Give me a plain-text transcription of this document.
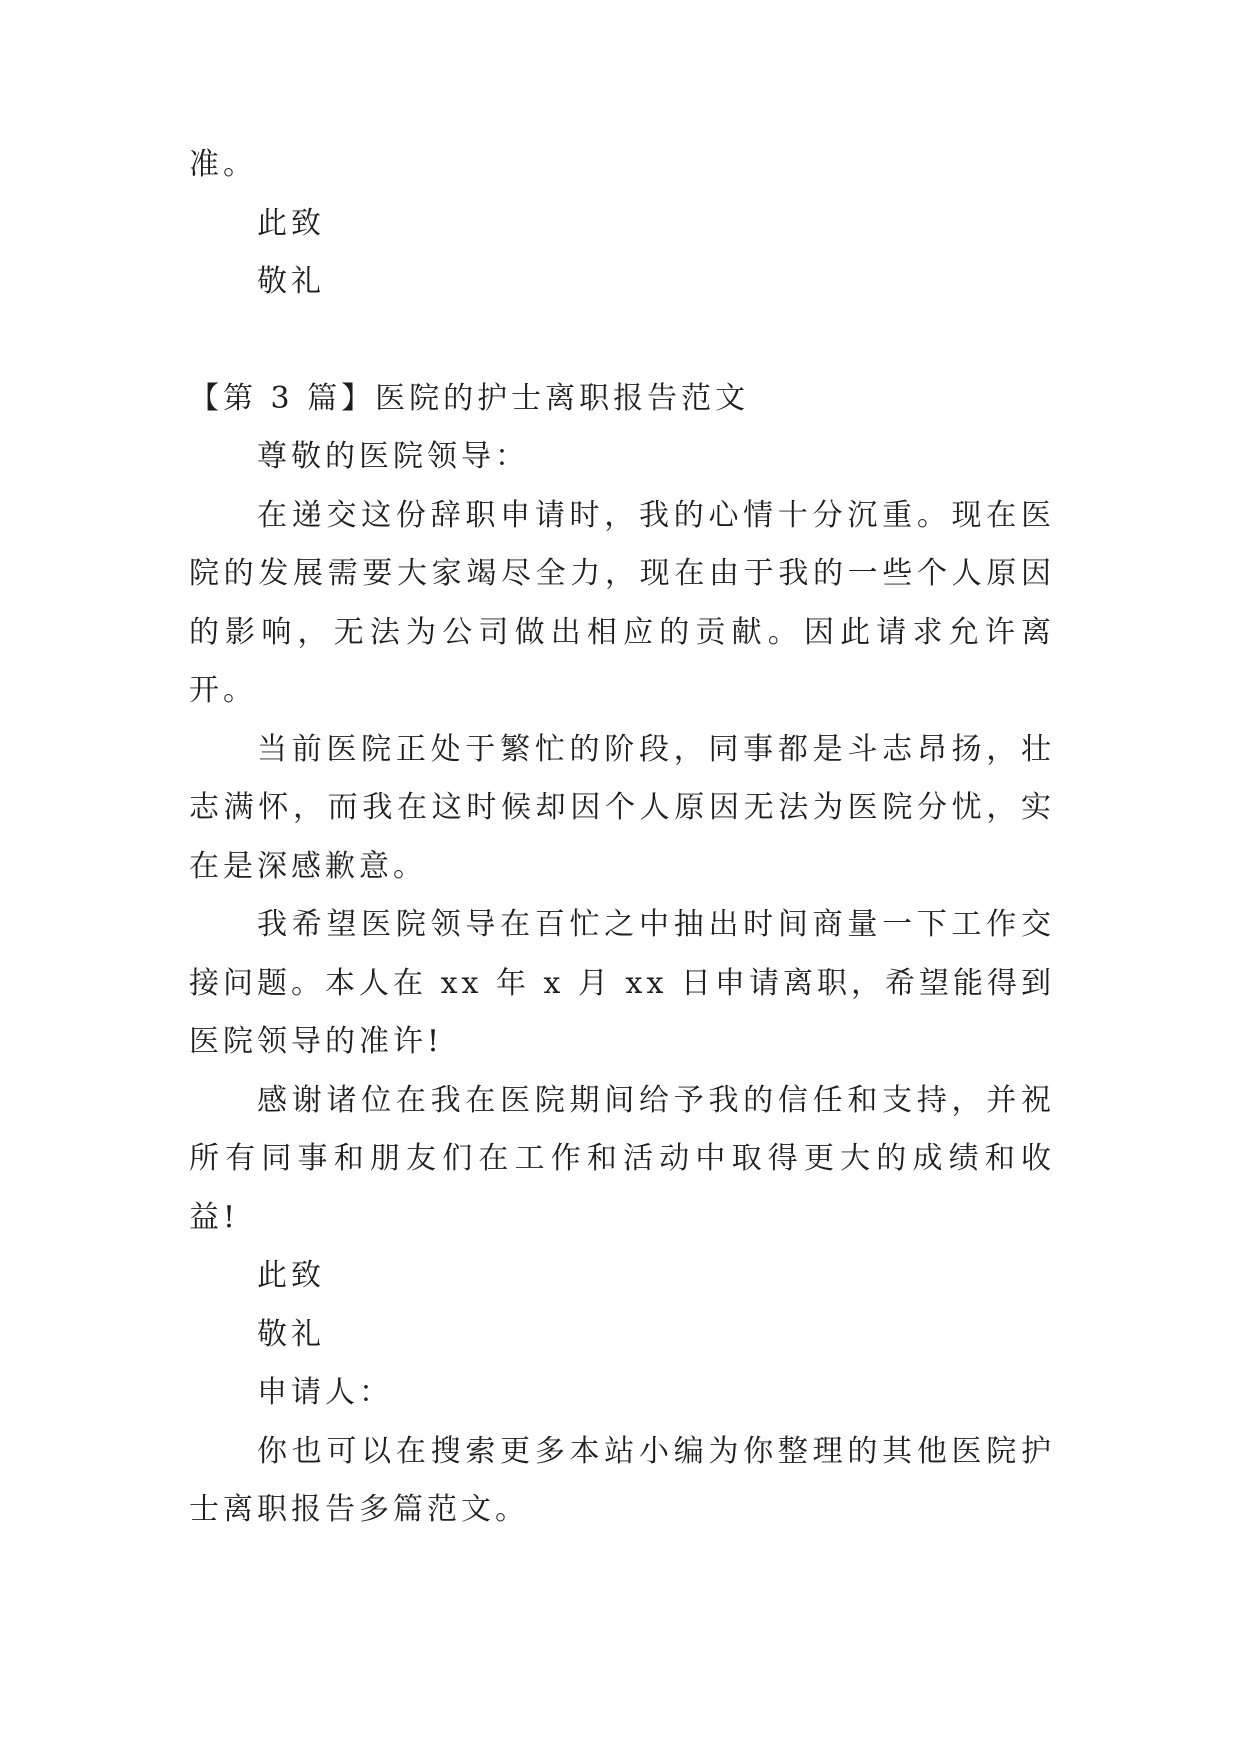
准。

此致

敬礼

【第 3 篇】医院的护士离职报告范文

尊敬的医院领导：

在递交这份辞职申请时，我的心情十分沉重。现在医院的发展需要大家竭尽全力，现在由于我的一些个人原因的影响，无法为公司做出相应的贡献。因此请求允许离开。

当前医院正处于繁忙的阶段，同事都是斗志昂扬，壮志满怀，而我在这时候却因个人原因无法为医院分忧，实在是深感歉意。

我希望医院领导在百忙之中抽出时间商量一下工作交接问题。本人在 xx 年 x 月 xx 日申请离职，希望能得到医院领导的准许!

感谢诸位在我在医院期间给予我的信任和支持，并祝所有同事和朋友们在工作和活动中取得更大的成绩和收益!

此致

敬礼

申请人：

你也可以在搜索更多本站小编为你整理的其他医院护士离职报告多篇范文。
